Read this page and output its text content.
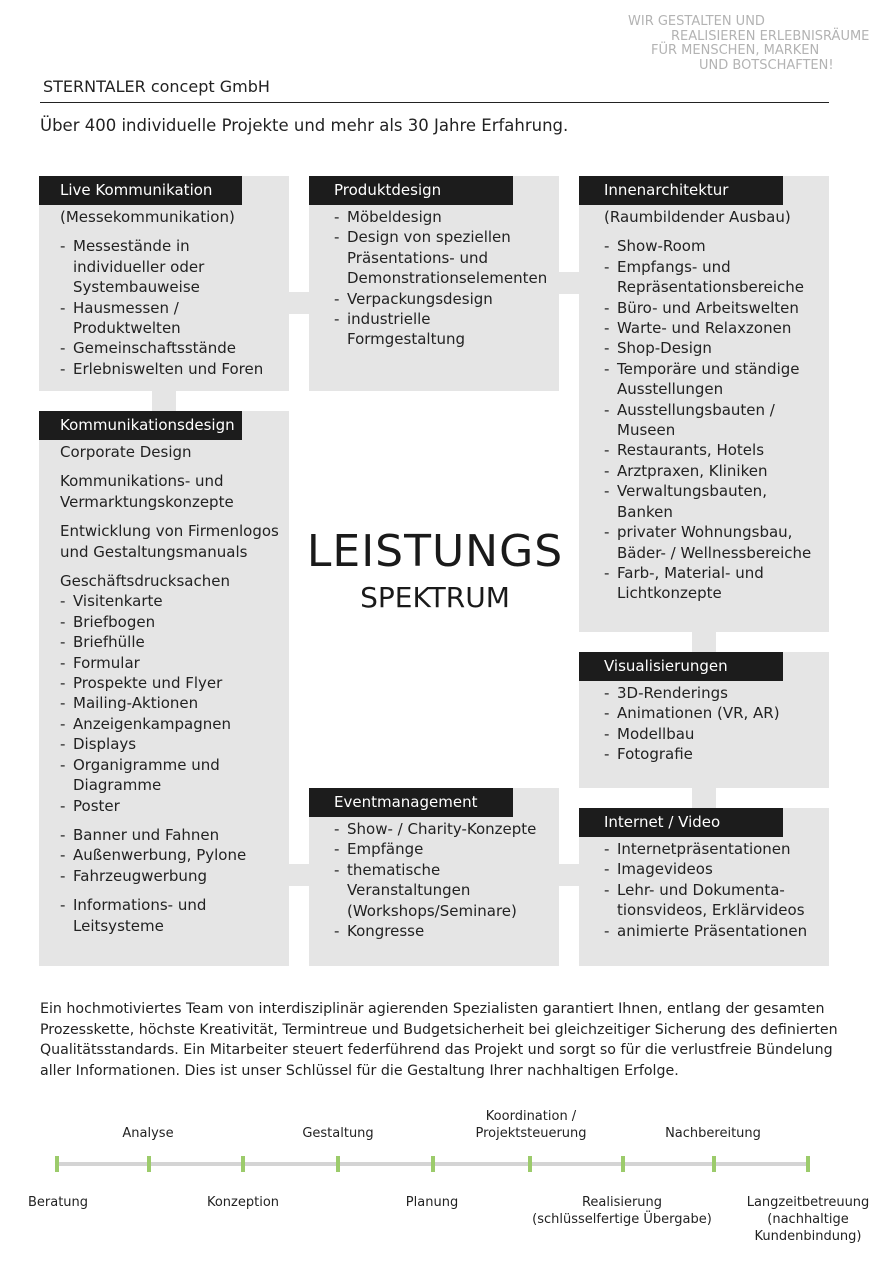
WIR GESTALTEN UND
REALISIEREN ERLEBNISRÄUME
FÜR MENSCHEN, MARKEN
UND BOTSCHAFTEN!
STERNTALER concept GmbH
Über 400 individuelle Projekte und mehr als 30 Jahre Erfahrung.
Live Kommunikation

(Messekommunikation)

- Messestände in individueller oder Systembauweise
- Hausmessen / Produktwelten
- Gemeinschaftsstände
- Erlebniswelten und Foren
Produktdesign
- Möbeldesign
- Design von speziellen Präsentations- und Demonstrationselementen
- Verpackungsdesign
- industrielle Formgestaltung
Innenarchitektur

(Raumbildender Ausbau)

- Show-Room
- Empfangs- und Repräsentationsbereiche
- Büro- und Arbeitswelten
- Warte- und Relaxzonen
- Shop-Design
- Temporäre und ständige Ausstellungen
- Ausstellungsbauten / Museen
- Restaurants, Hotels
- Arztpraxen, Kliniken
- Verwaltungsbauten, Banken
- privater Wohnungsbau, Bäder- / Wellnessbereiche
- Farb-, Material- und Lichtkonzepte
Kommunikationsdesign

Corporate Design

Kommunikations- und Vermarktungskonzepte

Entwicklung von Firmenlogos und Gestaltungsmanuals

Geschäftsdrucksachen

- Visitenkarte
- Briefbogen
- Briefhülle
- Formular
- Prospekte und Flyer
- Mailing-Aktionen
- Anzeigenkampagnen
- Displays
- Organigramme und Diagramme
- Poster
- Banner und Fahnen
- Außenwerbung, Pylone
- Fahrzeugwerbung
- Informations- und Leitsysteme
LEISTUNGS
SPEKTRUM
Visualisierungen
- 3D-Renderings
- Animationen (VR, AR)
- Modellbau
- Fotografie
Eventmanagement
- Show- / Charity-Konzepte
- Empfänge
- thematische Veranstaltungen (Workshops/Seminare)
- Kongresse
Internet / Video
- Internetpräsentationen
- Imagevideos
- Lehr- und Dokumentationsvideos, Erklärvideos
- animierte Präsentationen
Ein hochmotiviertes Team von interdisziplinär agierenden Spezialisten garantiert Ihnen, entlang der gesamten Prozesskette, höchste Kreativität, Termintreue und Budgetsicherheit bei gleichzeitiger Sicherung des definierten Qualitätsstandards. Ein Mitarbeiter steuert federführend das Projekt und sorgt so für die verlustfreie Bündelung aller Informationen. Dies ist unser Schlüssel für die Gestaltung Ihrer nachhaltigen Erfolge.
Beratung
Analyse
Konzeption
Gestaltung
Planung
Koordination /
Projektsteuerung
Realisierung
(schlüsselfertige Übergabe)
Nachbereitung
Langzeitbetreuung
(nachhaltige
Kundenbindung)
